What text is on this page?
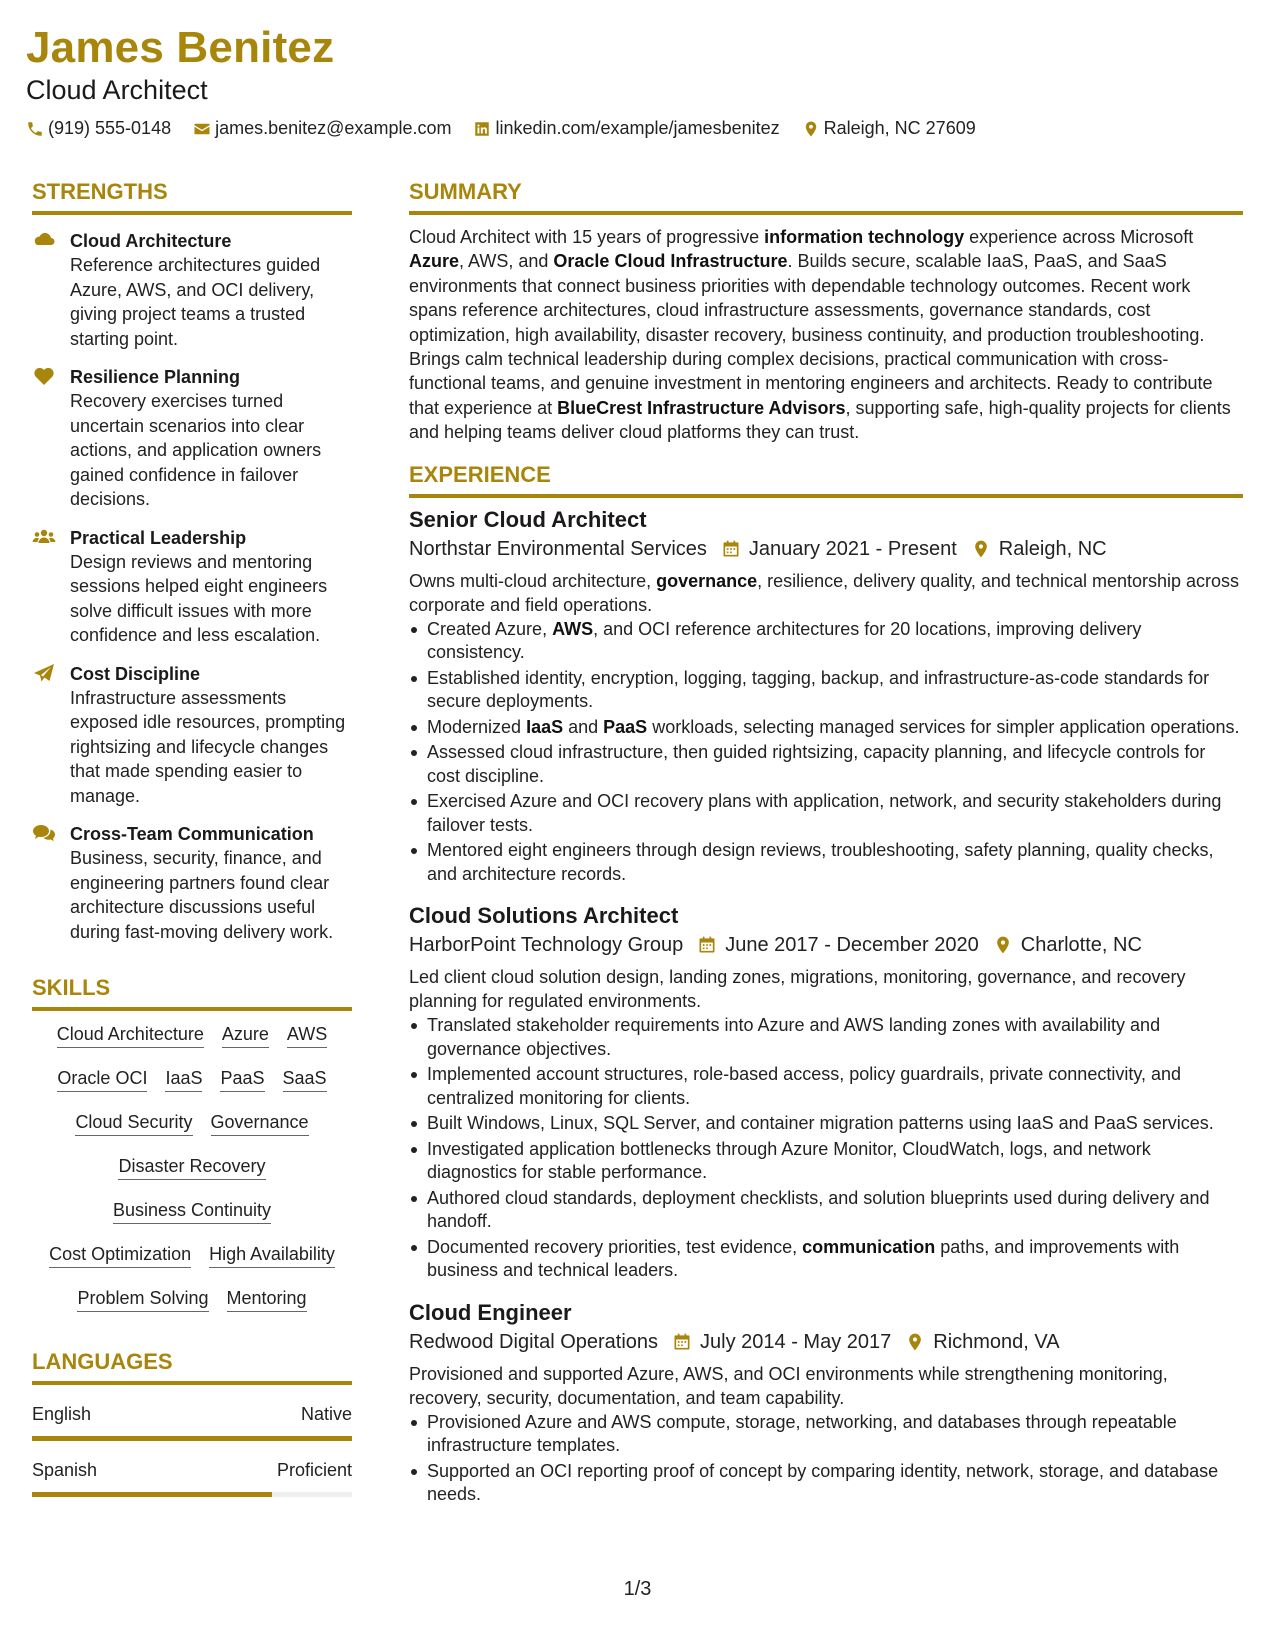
James Benitez
Cloud Architect
(919) 555-0148 james.benitez@example.com linkedin.com/example/jamesbenitez Raleigh, NC 27609
STRENGTHS
Cloud Architecture
Reference architectures guided Azure, AWS, and OCI delivery, giving project teams a trusted starting point.
Resilience Planning
Recovery exercises turned uncertain scenarios into clear actions, and application owners gained confidence in failover decisions.
Practical Leadership
Design reviews and mentoring sessions helped eight engineers solve difficult issues with more confidence and less escalation.
Cost Discipline
Infrastructure assessments exposed idle resources, prompting rightsizing and lifecycle changes that made spending easier to manage.
Cross-Team Communication
Business, security, finance, and engineering partners found clear architecture discussions useful during fast-moving delivery work.
SKILLS
Cloud Architecture Azure AWS
Oracle OCI IaaS PaaS SaaS
Cloud Security Governance
Disaster Recovery
Business Continuity
Cost Optimization High Availability
Problem Solving Mentoring
LANGUAGES
English	Native
Spanish	Proficient
SUMMARY
Cloud Architect with 15 years of progressive information technology experience across Microsoft Azure, AWS, and Oracle Cloud Infrastructure. Builds secure, scalable IaaS, PaaS, and SaaS environments that connect business priorities with dependable technology outcomes. Recent work spans reference architectures, cloud infrastructure assessments, governance standards, cost optimization, high availability, disaster recovery, business continuity, and production troubleshooting. Brings calm technical leadership during complex decisions, practical communication with cross-functional teams, and genuine investment in mentoring engineers and architects. Ready to contribute that experience at BlueCrest Infrastructure Advisors, supporting safe, high-quality projects for clients and helping teams deliver cloud platforms they can trust.
EXPERIENCE
Senior Cloud Architect
Northstar Environmental Services January 2021 - Present Raleigh, NC
Owns multi-cloud architecture, governance, resilience, delivery quality, and technical mentorship across corporate and field operations.
Created Azure, AWS, and OCI reference architectures for 20 locations, improving delivery consistency.
Established identity, encryption, logging, tagging, backup, and infrastructure-as-code standards for secure deployments.
Modernized IaaS and PaaS workloads, selecting managed services for simpler application operations.
Assessed cloud infrastructure, then guided rightsizing, capacity planning, and lifecycle controls for cost discipline.
Exercised Azure and OCI recovery plans with application, network, and security stakeholders during failover tests.
Mentored eight engineers through design reviews, troubleshooting, safety planning, quality checks, and architecture records.
Cloud Solutions Architect
HarborPoint Technology Group June 2017 - December 2020 Charlotte, NC
Led client cloud solution design, landing zones, migrations, monitoring, governance, and recovery planning for regulated environments.
Translated stakeholder requirements into Azure and AWS landing zones with availability and governance objectives.
Implemented account structures, role-based access, policy guardrails, private connectivity, and centralized monitoring for clients.
Built Windows, Linux, SQL Server, and container migration patterns using IaaS and PaaS services.
Investigated application bottlenecks through Azure Monitor, CloudWatch, logs, and network diagnostics for stable performance.
Authored cloud standards, deployment checklists, and solution blueprints used during delivery and handoff.
Documented recovery priorities, test evidence, communication paths, and improvements with business and technical leaders.
Cloud Engineer
Redwood Digital Operations July 2014 - May 2017 Richmond, VA
Provisioned and supported Azure, AWS, and OCI environments while strengthening monitoring, recovery, security, documentation, and team capability.
Provisioned Azure and AWS compute, storage, networking, and databases through repeatable infrastructure templates.
Supported an OCI reporting proof of concept by comparing identity, network, storage, and database needs.
1/3
